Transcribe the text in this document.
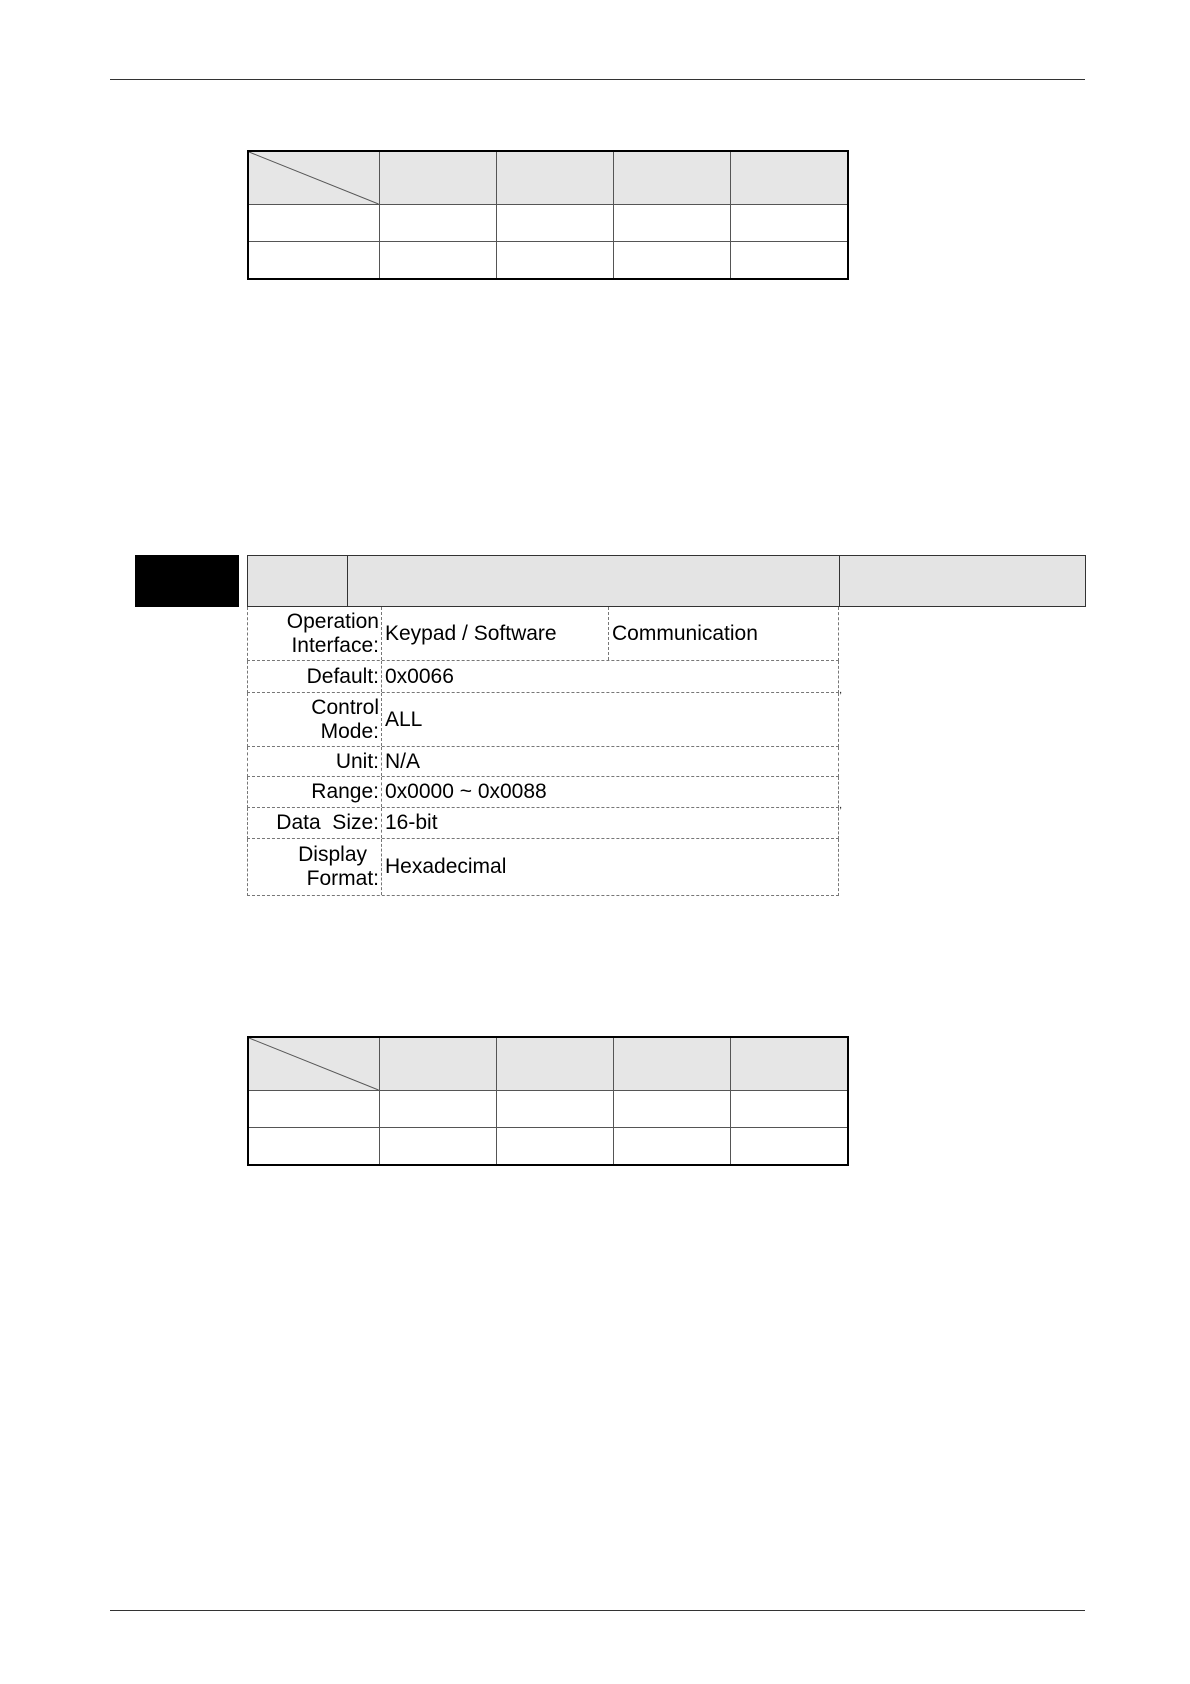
Operation
Interface:
Keypad / Software	Communication
Default: 0x0066
,
Control
Mode:
ALL
Unit: N/A
Range: 0x0000 ~ 0x0088
,
Data  Size: 16-bit
Display
Format:
Hexadecimal
